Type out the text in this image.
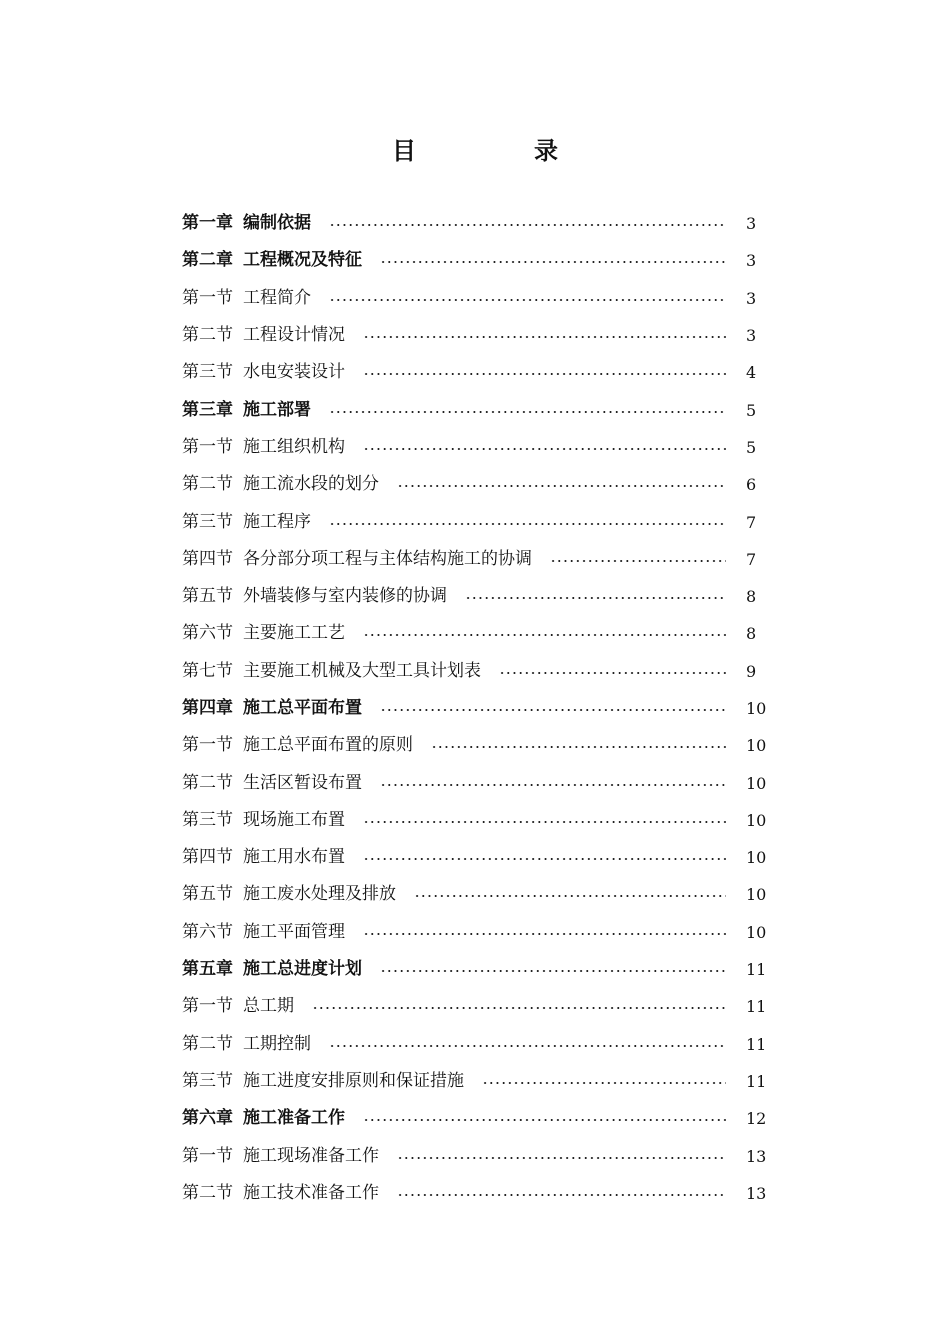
目	录
第一章 编制依据	3
第二章 工程概况及特征	3
第一节 工程简介	3
第二节 工程设计情况	3
第三节 水电安装设计	4
第三章 施工部署	5
第一节 施工组织机构	5
第二节 施工流水段的划分	6
第三节 施工程序	7
第四节 各分部分项工程与主体结构施工的协调	7
第五节 外墙装修与室内装修的协调	8
第六节 主要施工工艺	8
第七节 主要施工机械及大型工具计划表	9
第四章 施工总平面布置	10
第一节 施工总平面布置的原则	10
第二节 生活区暂设布置	10
第三节 现场施工布置	10
第四节 施工用水布置	10
第五节 施工废水处理及排放	10
第六节 施工平面管理	10
第五章 施工总进度计划	11
第一节 总工期	11
第二节 工期控制	11
第三节 施工进度安排原则和保证措施	11
第六章 施工准备工作	12
第一节 施工现场准备工作	13
第二节 施工技术准备工作	13
